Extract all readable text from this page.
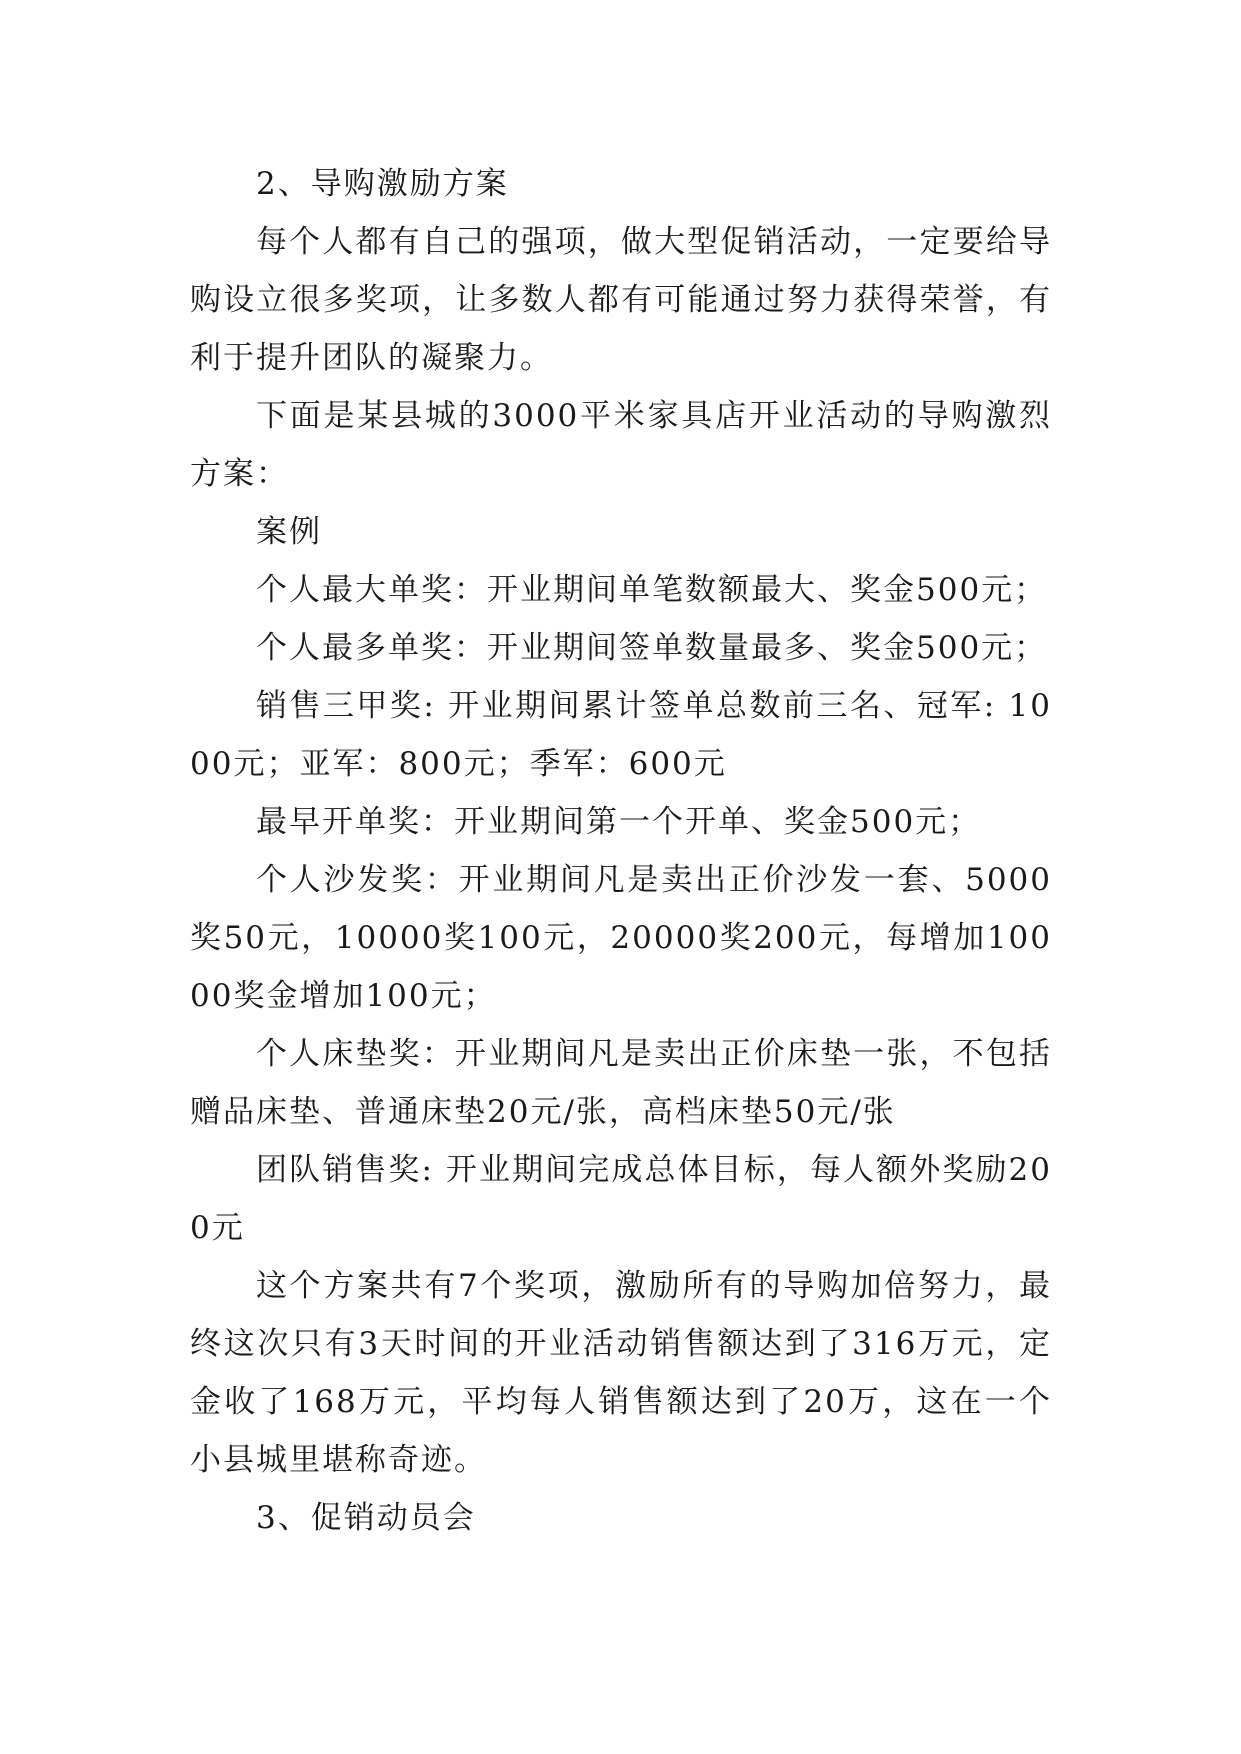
2、导购激励方案

每个人都有自己的强项，做大型促销活动，一定要给导购设立很多奖项，让多数人都有可能通过努力获得荣誉，有利于提升团队的凝聚力。

下面是某县城的3000平米家具店开业活动的导购激烈方案：

案例

个人最大单奖：开业期间单笔数额最大、奖金500元；

个人最多单奖：开业期间签单数量最多、奖金500元；

销售三甲奖: 开业期间累计签单总数前三名、冠军: 1000元；亚军：800元；季军：600元

最早开单奖：开业期间第一个开单、奖金500元；

个人沙发奖：开业期间凡是卖出正价沙发一套、5000奖50元，10000奖100元，20000奖200元，每增加10000奖金增加100元；

个人床垫奖：开业期间凡是卖出正价床垫一张，不包括赠品床垫、普通床垫20元/张，高档床垫50元/张

团队销售奖: 开业期间完成总体目标，每人额外奖励200元

这个方案共有7个奖项，激励所有的导购加倍努力，最终这次只有3天时间的开业活动销售额达到了316万元，定金收了168万元，平均每人销售额达到了20万，这在一个小县城里堪称奇迹。

3、促销动员会
